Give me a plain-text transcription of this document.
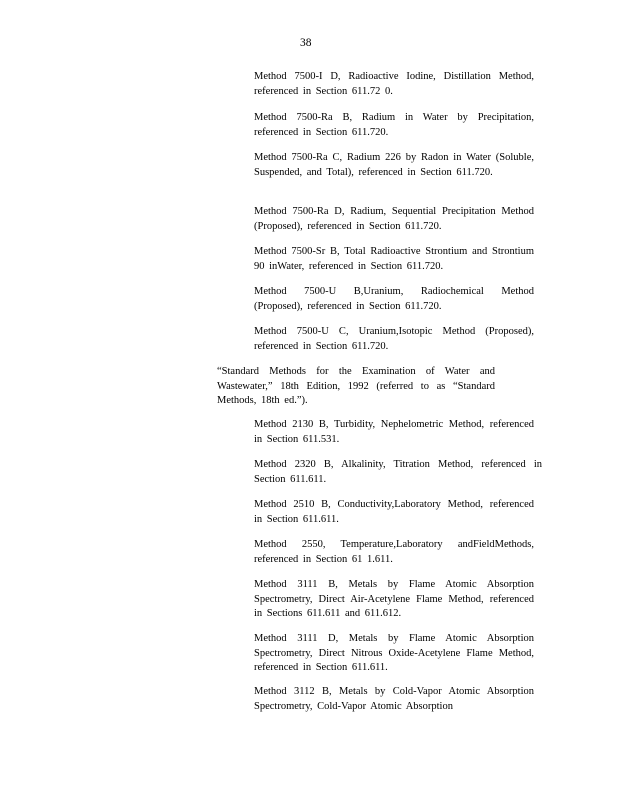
38

Method 7500-I D, Radioactive Iodine, Distillation Method, referenced in Section 611.72 0.

Method 7500-Ra B, Radium in Water by Precipitation, referenced in Section 611.720.

Method 7500-Ra C, Radium 226 by Radon in Water (Soluble, Suspended, and Total), referenced in Section 611.720.

Method 7500-Ra D, Radium, Sequential Precipitation Method (Proposed), referenced in Section 611.720.

Method 7500-Sr B, Total Radioactive Strontium and Strontium 90 inWater, referenced in Section 611.720.

Method 7500-U B,Uranium, Radiochemical Method (Proposed), referenced in Section 611.720.

Method 7500-U C, Uranium,Isotopic Method (Proposed), referenced in Section 611.720.

“Standard Methods for the Examination of Water and Wastewater,” 18th Edition, 1992 (referred to as “Standard Methods, 18th ed.”).

Method 2130 B, Turbidity, Nephelometric Method, referenced in Section 611.531.

Method 2320 B, Alkalinity, Titration Method, referenced in Section 611.611.

Method 2510 B, Conductivity,Laboratory Method, referenced in Section 611.611.

Method 2550, Temperature,Laboratory andFieldMethods, referenced in Section 61 1.611.

Method 3111 B, Metals by Flame Atomic Absorption Spectrometry, Direct Air-Acetylene Flame Method, referenced in Sections 611.611 and 611.612.

Method 3111 D, Metals by Flame Atomic Absorption Spectrometry, Direct Nitrous Oxide-Acetylene Flame Method, referenced in Section 611.611.

Method 3112 B, Metals by Cold-Vapor Atomic Absorption Spectrometry, Cold-Vapor Atomic Absorption
